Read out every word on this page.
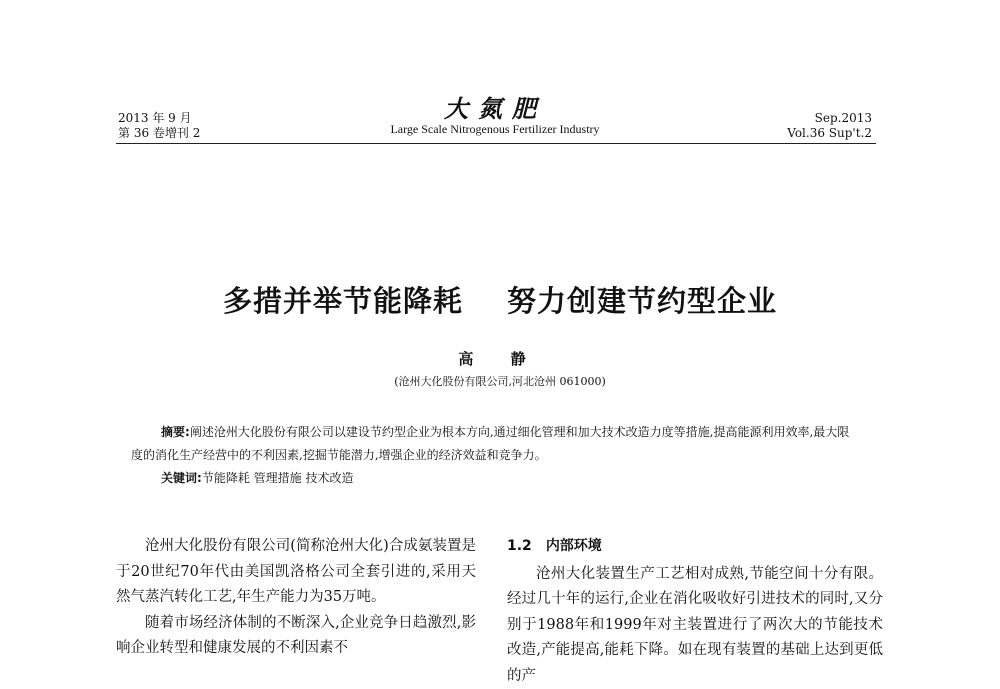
2013 年 9 月
第 36 卷增刊 2
大氮肥
Large Scale Nitrogenous Fertilizer Industry
Sep.2013
Vol.36 Sup't.2
多措并举节能降耗 努力创建节约型企业
高 静
(沧州大化股份有限公司,河北沧州 061000)

摘要:阐述沧州大化股份有限公司以建设节约型企业为根本方向,通过细化管理和加大技术改造力度等措施,提高能源利用效率,最大限度的消化生产经营中的不利因素,挖掘节能潜力,增强企业的经济效益和竞争力。

关键词:节能降耗 管理措施 技术改造

沧州大化股份有限公司(简称沧州大化)合成氨装置是于20世纪70年代由美国凯洛格公司全套引进的,采用天然气蒸汽转化工艺,年生产能力为35万吨。

随着市场经济体制的不断深入,企业竞争日趋激烈,影响企业转型和健康发展的不利因素不

1.2 内部环境

沧州大化装置生产工艺相对成熟,节能空间十分有限。经过几十年的运行,企业在消化吸收好引进技术的同时,又分别于1988年和1999年对主装置进行了两次大的节能技术改造,产能提高,能耗下降。如在现有装置的基础上达到更低的产
